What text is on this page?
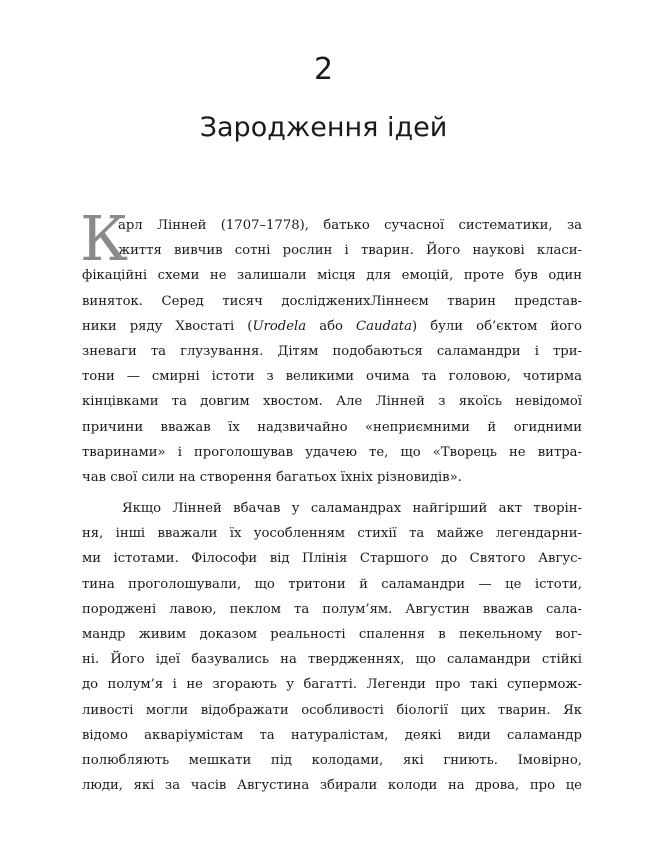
2
Зародження ідей
К
арл Лінней (1707–1778), батько сучасної систематики, за
життя вивчив сотні рослин і тварин. Його наукові класи-
фікаційні схеми не залишали місця для емоцій, проте був один
виняток. Серед тисяч дослідженихЛіннеєм тварин представ-
ники ряду Хвостаті (Urodela або Caudata) були об’єктом його
зневаги та глузування. Дітям подобаються саламандри і три-
тони — смирні істоти з великими очима та головою, чотирма
кінцівками та довгим хвостом. Але Лінней з якоїсь невідомої
причини вважав їх надзвичайно «неприємними й огидними
тваринами» і проголошував удачею те, що «Творець не витра-
чав свої сили на створення багатьох їхніх різновидів».
Якщо Лінней вбачав у саламандрах найгірший акт творін-
ня, інші вважали їх уособленням стихії та майже легендарни-
ми істотами. Філософи від Плінія Старшого до Святого Авгус-
тина проголошували, що тритони й саламандри — це істоти,
породжені лавою, пеклом та полум’ям. Августин вважав сала-
мандр живим доказом реальності спалення в пекельному вог-
ні. Його ідеї базувались на твердженнях, що саламандри стійкі
до полум’я і не згорають у багатті. Легенди про такі супермож-
ливості могли відображати особливості біології цих тварин. Як
відомо акваріумістам та натуралістам, деякі види саламандр
полюбляють мешкати під колодами, які гниють. Імовірно,
люди, які за часів Августина збирали колоди на дрова, про це
